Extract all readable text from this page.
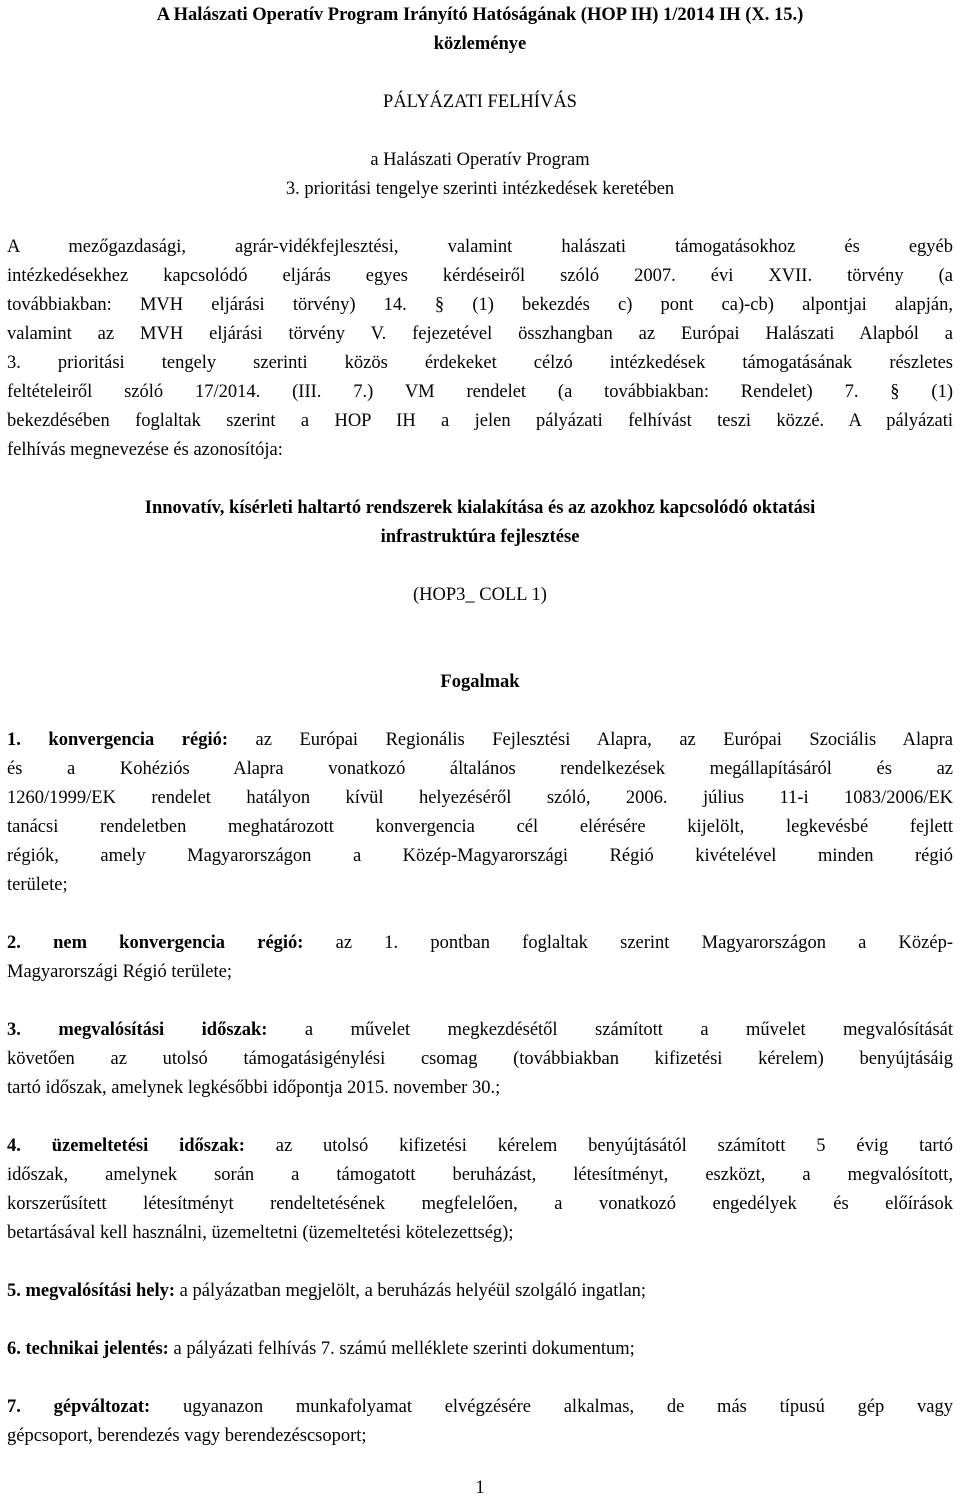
A Halászati Operatív Program Irányító Hatóságának (HOP IH) 1/2014 IH (X. 15.)
közleménye
PÁLYÁZATI FELHÍVÁS
a Halászati Operatív Program
3. prioritási tengelye szerinti intézkedések keretében
A mezőgazdasági, agrár-vidékfejlesztési, valamint halászati támogatásokhoz és egyéb
intézkedésekhez kapcsolódó eljárás egyes kérdéseiről szóló 2007. évi XVII. törvény (a
továbbiakban: MVH eljárási törvény) 14. § (1) bekezdés c) pont ca)-cb) alpontjai alapján,
valamint az MVH eljárási törvény V. fejezetével összhangban az Európai Halászati Alapból a
3. prioritási tengely szerinti közös érdekeket célzó intézkedések támogatásának részletes
feltételeiről szóló 17/2014. (III. 7.) VM rendelet (a továbbiakban: Rendelet) 7. § (1)
bekezdésében foglaltak szerint a HOP IH a jelen pályázati felhívást teszi közzé. A pályázati
felhívás megnevezése és azonosítója:
Innovatív, kísérleti haltartó rendszerek kialakítása és az azokhoz kapcsolódó oktatási
infrastruktúra fejlesztése
(HOP3_ COLL 1)
Fogalmak
1. konvergencia régió: az Európai Regionális Fejlesztési Alapra, az Európai Szociális Alapra
és a Kohéziós Alapra vonatkozó általános rendelkezések megállapításáról és az
1260/1999/EK rendelet hatályon kívül helyezéséről szóló, 2006. július 11-i 1083/2006/EK
tanácsi rendeletben meghatározott konvergencia cél elérésére kijelölt, legkevésbé fejlett
régiók, amely Magyarországon a Közép-Magyarországi Régió kivételével minden régió
területe;
2. nem konvergencia régió: az 1. pontban foglaltak szerint Magyarországon a Közép-
Magyarországi Régió területe;
3. megvalósítási időszak: a művelet megkezdésétől számított a művelet megvalósítását
követően az utolsó támogatásigénylési csomag (továbbiakban kifizetési kérelem) benyújtásáig
tartó időszak, amelynek legkésőbbi időpontja 2015. november 30.;
4. üzemeltetési időszak: az utolsó kifizetési kérelem benyújtásától számított 5 évig tartó
időszak, amelynek során a támogatott beruházást, létesítményt, eszközt, a megvalósított,
korszerűsített létesítményt rendeltetésének megfelelően, a vonatkozó engedélyek és előírások
betartásával kell használni, üzemeltetni (üzemeltetési kötelezettség);
5. megvalósítási hely: a pályázatban megjelölt, a beruházás helyéül szolgáló ingatlan;
6. technikai jelentés: a pályázati felhívás 7. számú melléklete szerinti dokumentum;
7. gépváltozat: ugyanazon munkafolyamat elvégzésére alkalmas, de más típusú gép vagy
gépcsoport, berendezés vagy berendezéscsoport;
1
